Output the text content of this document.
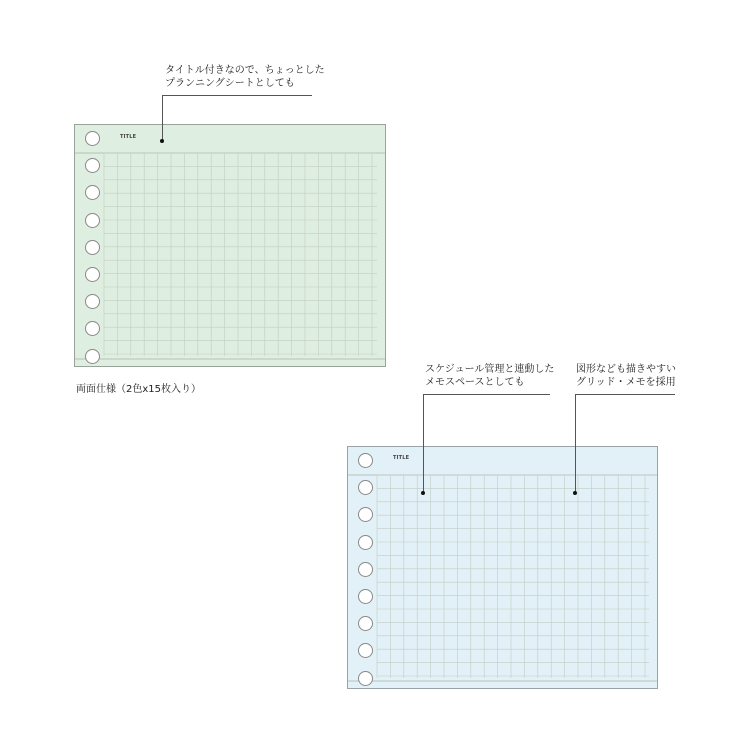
TITLE
TITLE
タイトル付きなので、ちょっとした
プランニングシートとしても
両面仕様（2色x15枚入り）
スケジュール管理と連動した
メモスペースとしても
図形なども描きやすい
グリッド・メモを採用
